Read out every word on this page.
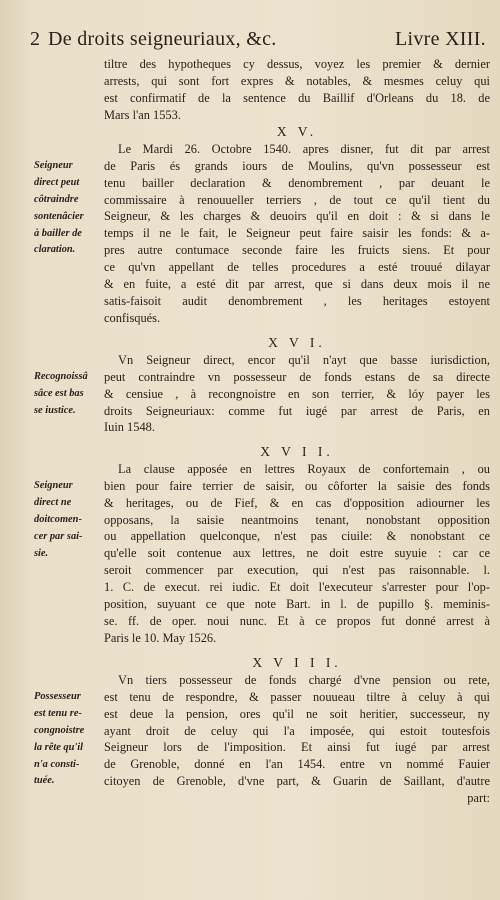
2 De droits seigneuriaux, &c.	Livre XIII.
tiltre des hypotheques cy dessus, voyez les premier & dernier
arrests, qui sont fort expres & notables, & mesmes celuy qui
est confirmatif de la sentence du Baillif d'Orleans du 18. de
Mars l'an 1553.
X V.
Le Mardi 26. Octobre 1540. apres disner, fut dit par arrest
de Paris és grands iours de Moulins, qu'vn possesseur est
tenu bailler declaration & denombrement , par deuant le
commissaire à renouueller terriers , de tout ce qu'il tient du
Seigneur, & les charges & deuoirs qu'il en doit : & si dans le
temps il ne le fait, le Seigneur peut faire saisir les fonds: & a-
pres autre contumace seconde faire les fruicts siens. Et pour
ce qu'vn appellant de telles procedures a esté trouué dilayar
& en fuite, a esté dit par arrest, que si dans deux mois il ne
satis-faisoit audit denombrement , les heritages estoyent
confisqués.
Seigneur
direct peut
côtraindre
sontenâcier
à bailler de
claration.
X V I.
Vn Seigneur direct, encor qu'il n'ayt que basse iurisdiction,
peut contraindre vn possesseur de fonds estans de sa directe
& censiue , à recongnoistre en son terrier, & lóy payer les
droits Seigneuriaux: comme fut iugé par arrest de Paris, en
Iuin 1548.
Recognoissâ
sâce est bas
se iustice.
X V I I.
La clause apposée en lettres Royaux de confortemain , ou
bien pour faire terrier de saisir, ou côforter la saisie des fonds
& heritages, ou de Fief, & en cas d'opposition adiourner les
opposans, la saisie neantmoins tenant, nonobstant opposition
ou appellation quelconque, n'est pas ciuile: & nonobstant ce
qu'elle soit contenue aux lettres, ne doit estre suyuie : car ce
seroit commencer par execution, qui n'est pas raisonnable. l.
1. C. de execut. rei iudic. Et doit l'executeur s'arrester pour l'op-
position, suyuant ce que note Bart. in l. de pupillo §. meminis-
se. ff. de oper. noui nunc. Et à ce propos fut donné arrest à
Paris le 10. May 1526.
Seigneur
direct ne
doitcomen-
cer par sai-
sie.
X V I I I.
Vn tiers possesseur de fonds chargé d'vne pension ou rete,
est tenu de respondre, & passer nouueau tiltre à celuy à qui
est deue la pension, ores qu'il ne soit heritier, successeur, ny
ayant droit de celuy qui l'a imposée, qui estoit toutesfois
Seigneur lors de l'imposition. Et ainsi fut iugé par arrest
de Grenoble, donné en l'an 1454. entre vn nommé Fauier
citoyen de Grenoble, d'vne part, & Guarin de Saillant, d'autre
part:
Possesseur
est tenu re-
congnoistre
la rête qu'il
n'a consti-
tuée.
